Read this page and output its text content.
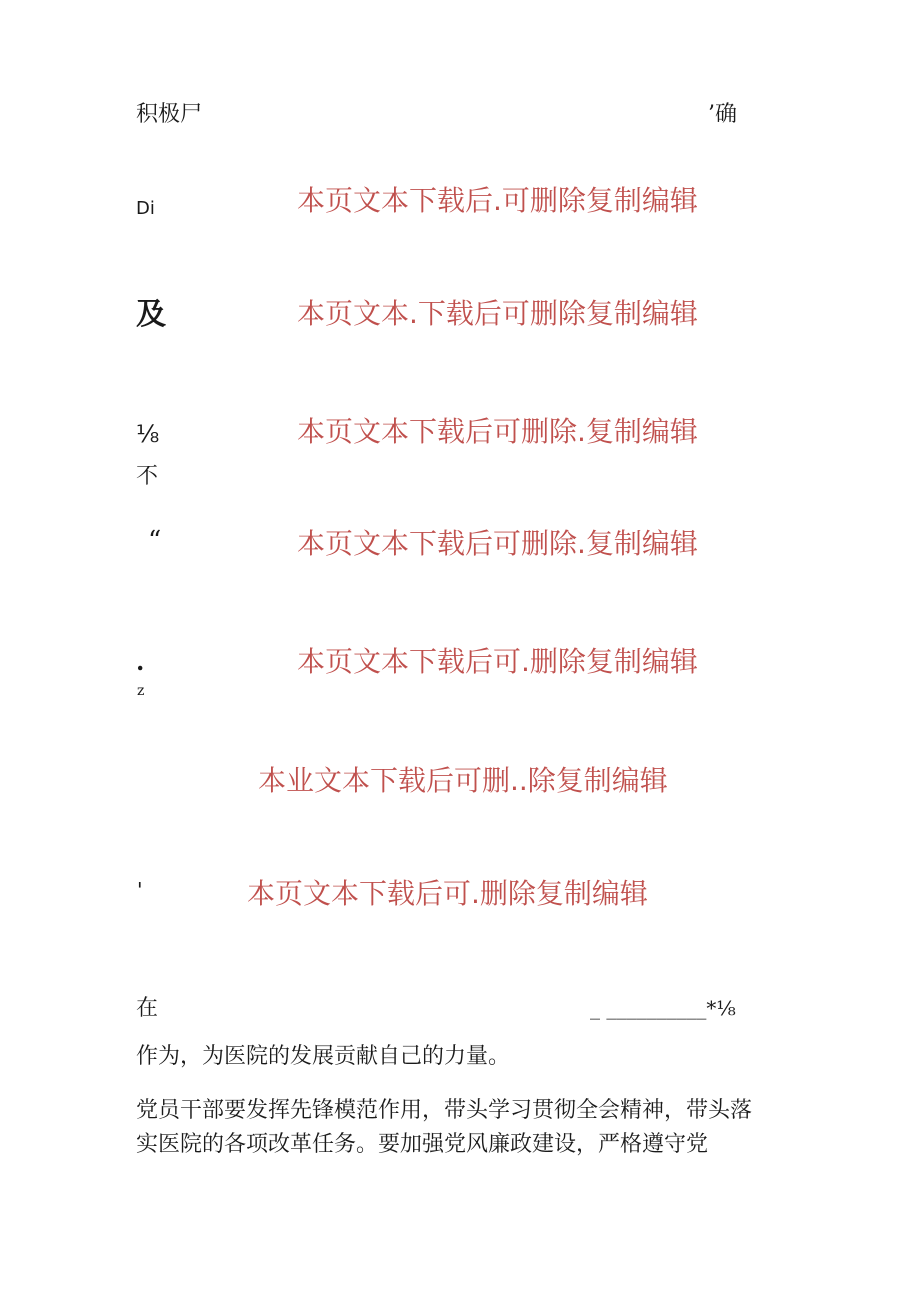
积极尸	’确
Di	本页文本下载后.可删除复制编辑
及	本页文本.下载后可删除复制编辑
⅛	本页文本下载后可删除.复制编辑
不
“	本页文本下载后可删除.复制编辑
.	本页文本下载后可.删除复制编辑
z
本业文本下载后可删..除复制编辑
'	本页文本下载后可.删除复制编辑
在	_ __________*⅛
作为，为医院的发展贡献自己的力量。
党员干部要发挥先锋模范作用，带头学习贯彻全会精神，带头落实医院的各项改革任务。要加强党风廉政建设，严格遵守党
